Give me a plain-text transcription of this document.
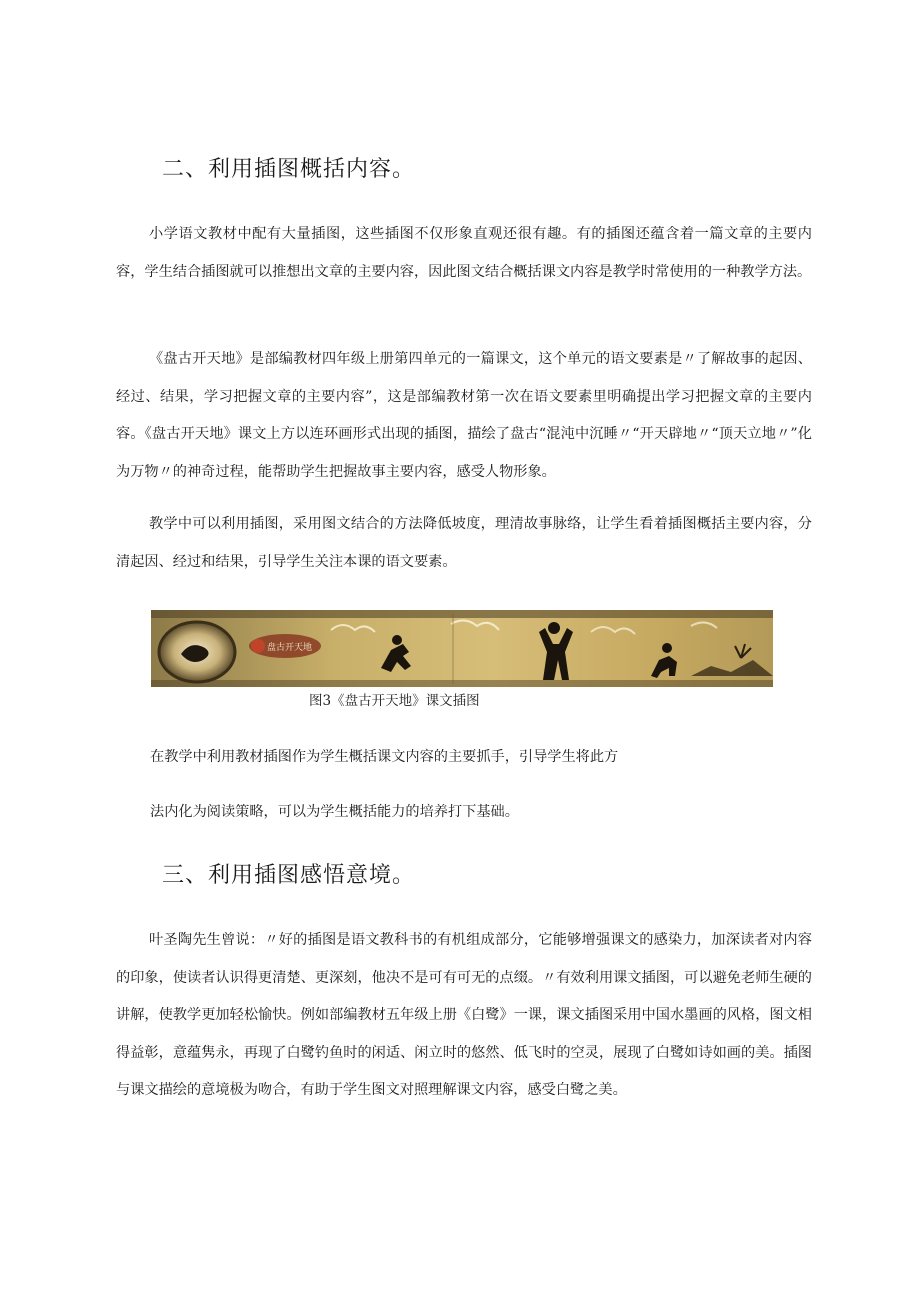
二、利用插图概括内容。

小学语文教材中配有大量插图，这些插图不仅形象直观还很有趣。有的插图还蕴含着一篇文章的主要内容，学生结合插图就可以推想出文章的主要内容，因此图文结合概括课文内容是教学时常使用的一种教学方法。

《盘古开天地》是部编教材四年级上册第四单元的一篇课文，这个单元的语文要素是〃了解故事的起因、经过、结果，学习把握文章的主要内容”，这是部编教材第一次在语文要素里明确提出学习把握文章的主要内容。《盘古开天地》课文上方以连环画形式出现的插图，描绘了盘古“混沌中沉睡〃“开天辟地〃“顶天立地〃”化为万物〃的神奇过程，能帮助学生把握故事主要内容，感受人物形象。

教学中可以利用插图，采用图文结合的方法降低坡度，理清故事脉络，让学生看着插图概括主要内容，分清起因、经过和结果，引导学生关注本课的语文要素。

盘古开天地

图3《盘古开天地》课文插图

在教学中利用教材插图作为学生概括课文内容的主要抓手，引导学生将此方

法内化为阅读策略，可以为学生概括能力的培养打下基础。

三、利用插图感悟意境。

叶圣陶先生曾说：〃好的插图是语文教科书的有机组成部分，它能够增强课文的感染力，加深读者对内容的印象，使读者认识得更清楚、更深刻，他决不是可有可无的点缀。〃有效利用课文插图，可以避免老师生硬的讲解，使教学更加轻松愉快。例如部编教材五年级上册《白鹭》一课，课文插图采用中国水墨画的风格，图文相得益彰，意蕴隽永，再现了白鹭钓鱼时的闲适、闲立时的悠然、低飞时的空灵，展现了白鹭如诗如画的美。插图与课文描绘的意境极为吻合，有助于学生图文对照理解课文内容，感受白鹭之美。
